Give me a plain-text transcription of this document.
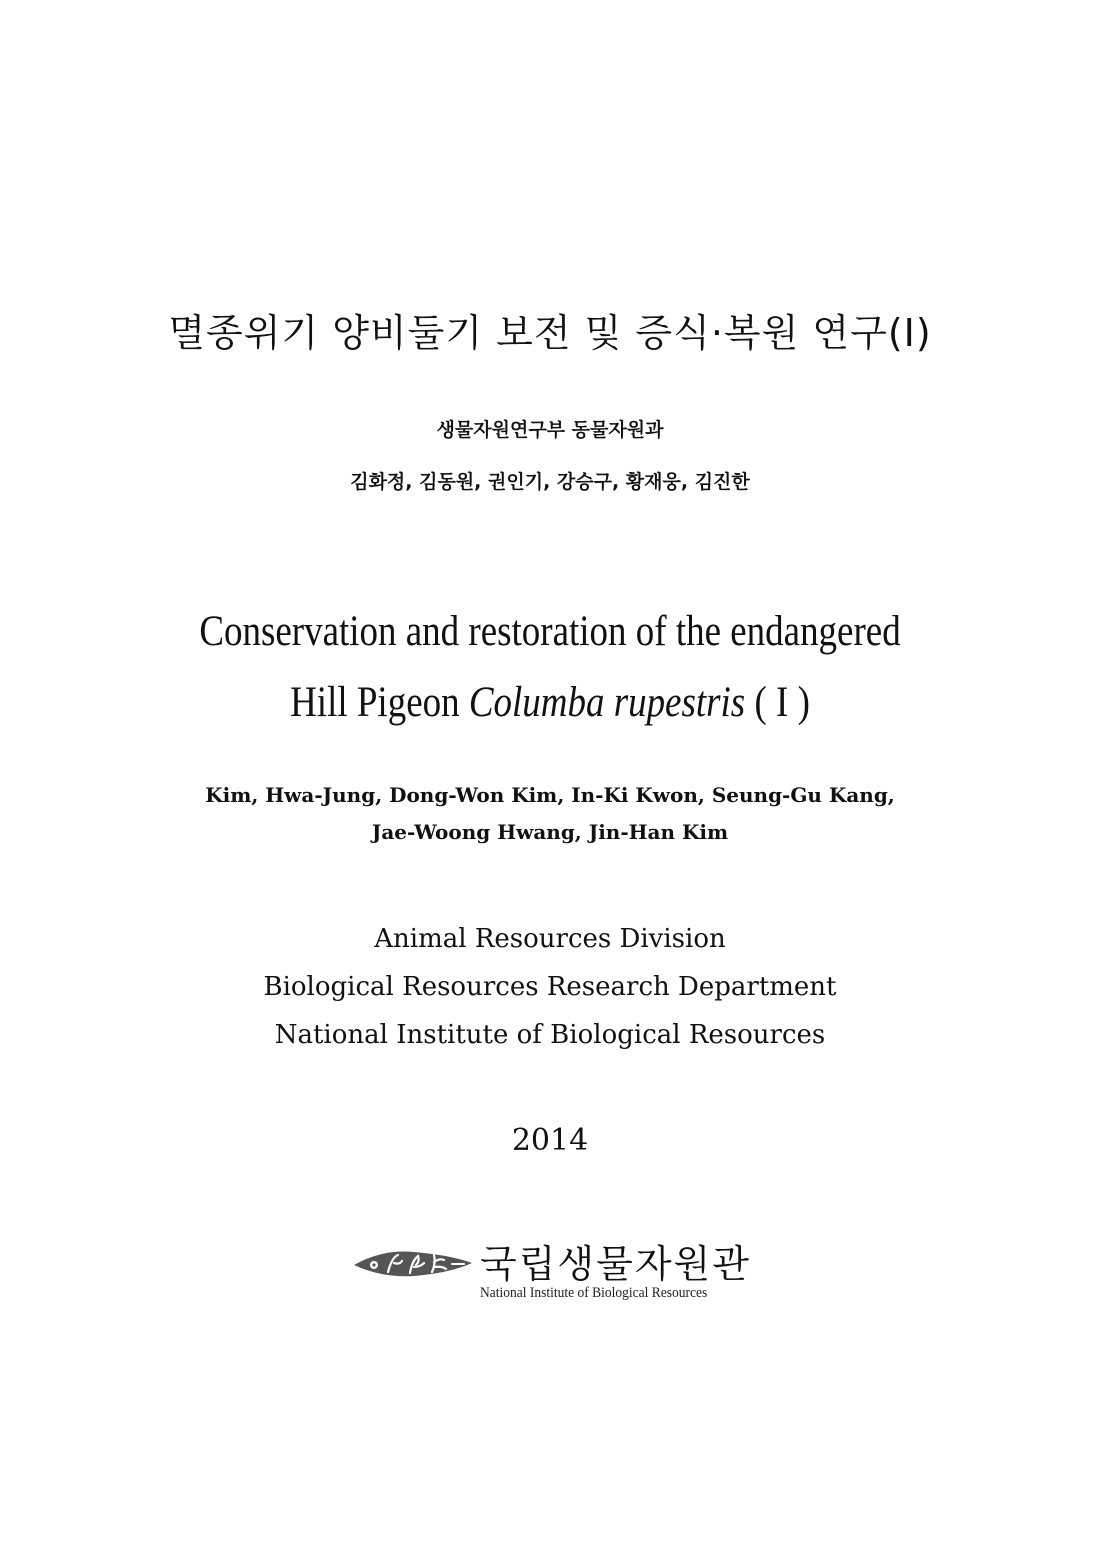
멸종위기 양비둘기 보전 및 증식·복원 연구(Ⅰ)
생물자원연구부 동물자원과
김화정, 김동원, 권인기, 강승구, 황재웅, 김진한
Conservation and restoration of the endangered
Hill Pigeon Columba rupestris ( I )
Kim, Hwa-Jung, Dong-Won Kim, In-Ki Kwon, Seung-Gu Kang,
Jae-Woong Hwang, Jin-Han Kim
Animal Resources Division
Biological Resources Research Department
National Institute of Biological Resources
2014
국립생물자원관
National Institute of Biological Resources
